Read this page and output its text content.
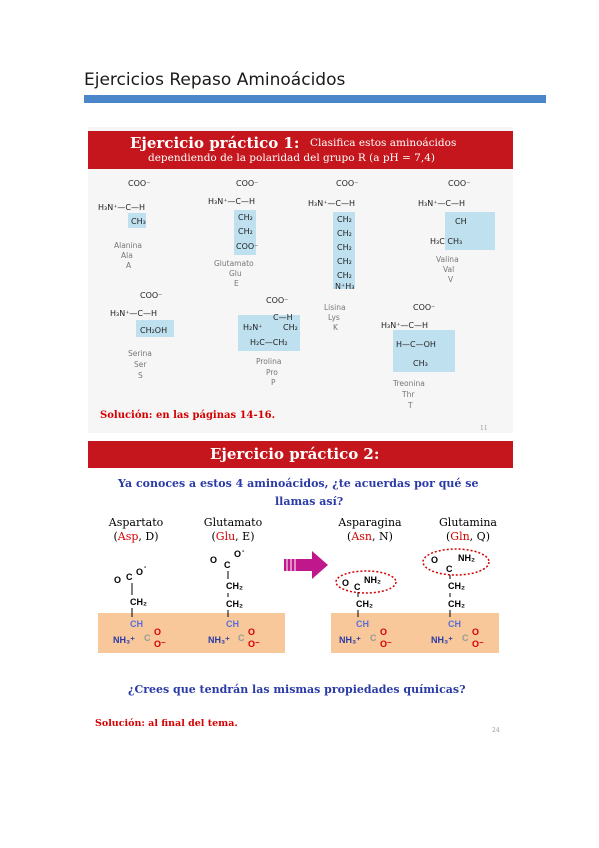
Ejercicios Repaso Aminoácidos
Ejercicio práctico 1: Clasifica estos aminoácidos
dependiendo de la polaridad del grupo R (a pH = 7,4)
COO⁻
H₃N⁺—C—H
CH₃
Alanina
Ala
A
COO⁻
H₃N⁺—C—H
CH₂
CH₂
COO⁻
Glutamato
Glu
E
COO⁻
H₃N⁺—C—H
CH₂
CH₂
CH₂
CH₂
CH₂
N⁺H₃
Lisina
Lys
K
COO⁻
H₃N⁺—C—H
CH
H₃C CH₃
Valina
Val
V
COO⁻
H₃N⁺—C—H
CH₂OH
Serina
Ser
S
COO⁻
C—H
H₂N⁺	CH₂
H₂C—CH₂
Prolina
Pro
P
COO⁻
H₃N⁺—C—H
H—C—OH
CH₃
Treonina
Thr
T
Solución: en las páginas 14-16.
11
Ejercicio práctico 2:
Ya conoces a estos 4 aminoácidos, ¿te acuerdas por qué se
llamas así?
Aspartato
(Asp, D)
Glutamato
(Glu, E)
Asparagina
(Asn, N)
Glutamina
(Gln, Q)
O C O -
CH₂
CH
NH₃⁺ C
O
O⁻
O C
O -
CH₂
CH₂
CH
NH₃⁺ C
O
O⁻
O C
NH₂
CH₂
CH
NH₃⁺ C
O
O⁻
O
C
NH₂
CH₂
CH₂
CH
NH₃⁺ C
O
O⁻
¿Crees que tendrán las mismas propiedades químicas?
Solución: al final del tema.
24
